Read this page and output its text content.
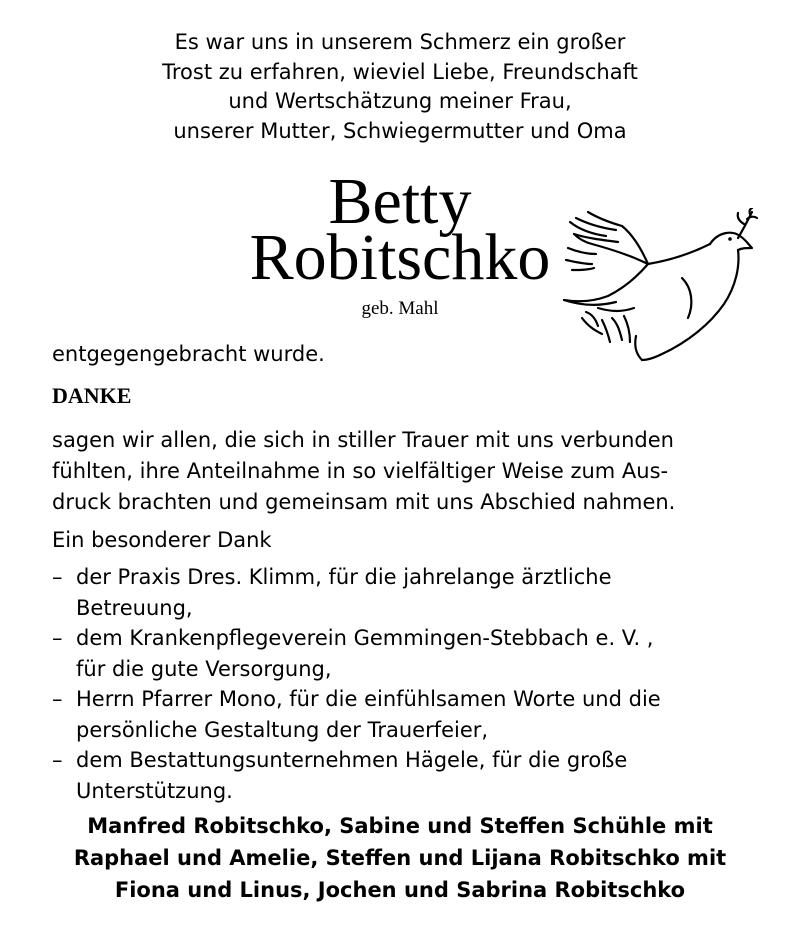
Es war uns in unserem Schmerz ein großer
Trost zu erfahren, wieviel Liebe, Freundschaft
und Wertschätzung meiner Frau,
unserer Mutter, Schwiegermutter und Oma
Betty
Robitschko
geb. Mahl
entgegengebracht wurde.
DANKE
sagen wir allen, die sich in stiller Trauer mit uns verbunden
fühlten, ihre Anteilnahme in so vielfältiger Weise zum Aus-
druck brachten und gemeinsam mit uns Abschied nahmen.
Ein besonderer Dank
– der Praxis Dres. Klimm, für die jahrelange ärztliche
Betreuung,
– dem Krankenpflegeverein Gemmingen-Stebbach e. V. ,
für die gute Versorgung,
– Herrn Pfarrer Mono, für die einfühlsamen Worte und die
persönliche Gestaltung der Trauerfeier,
– dem Bestattungsunternehmen Hägele, für die große
Unterstützung.
Manfred Robitschko, Sabine und Steffen Schühle mit
Raphael und Amelie, Steffen und Lijana Robitschko mit
Fiona und Linus, Jochen und Sabrina Robitschko
